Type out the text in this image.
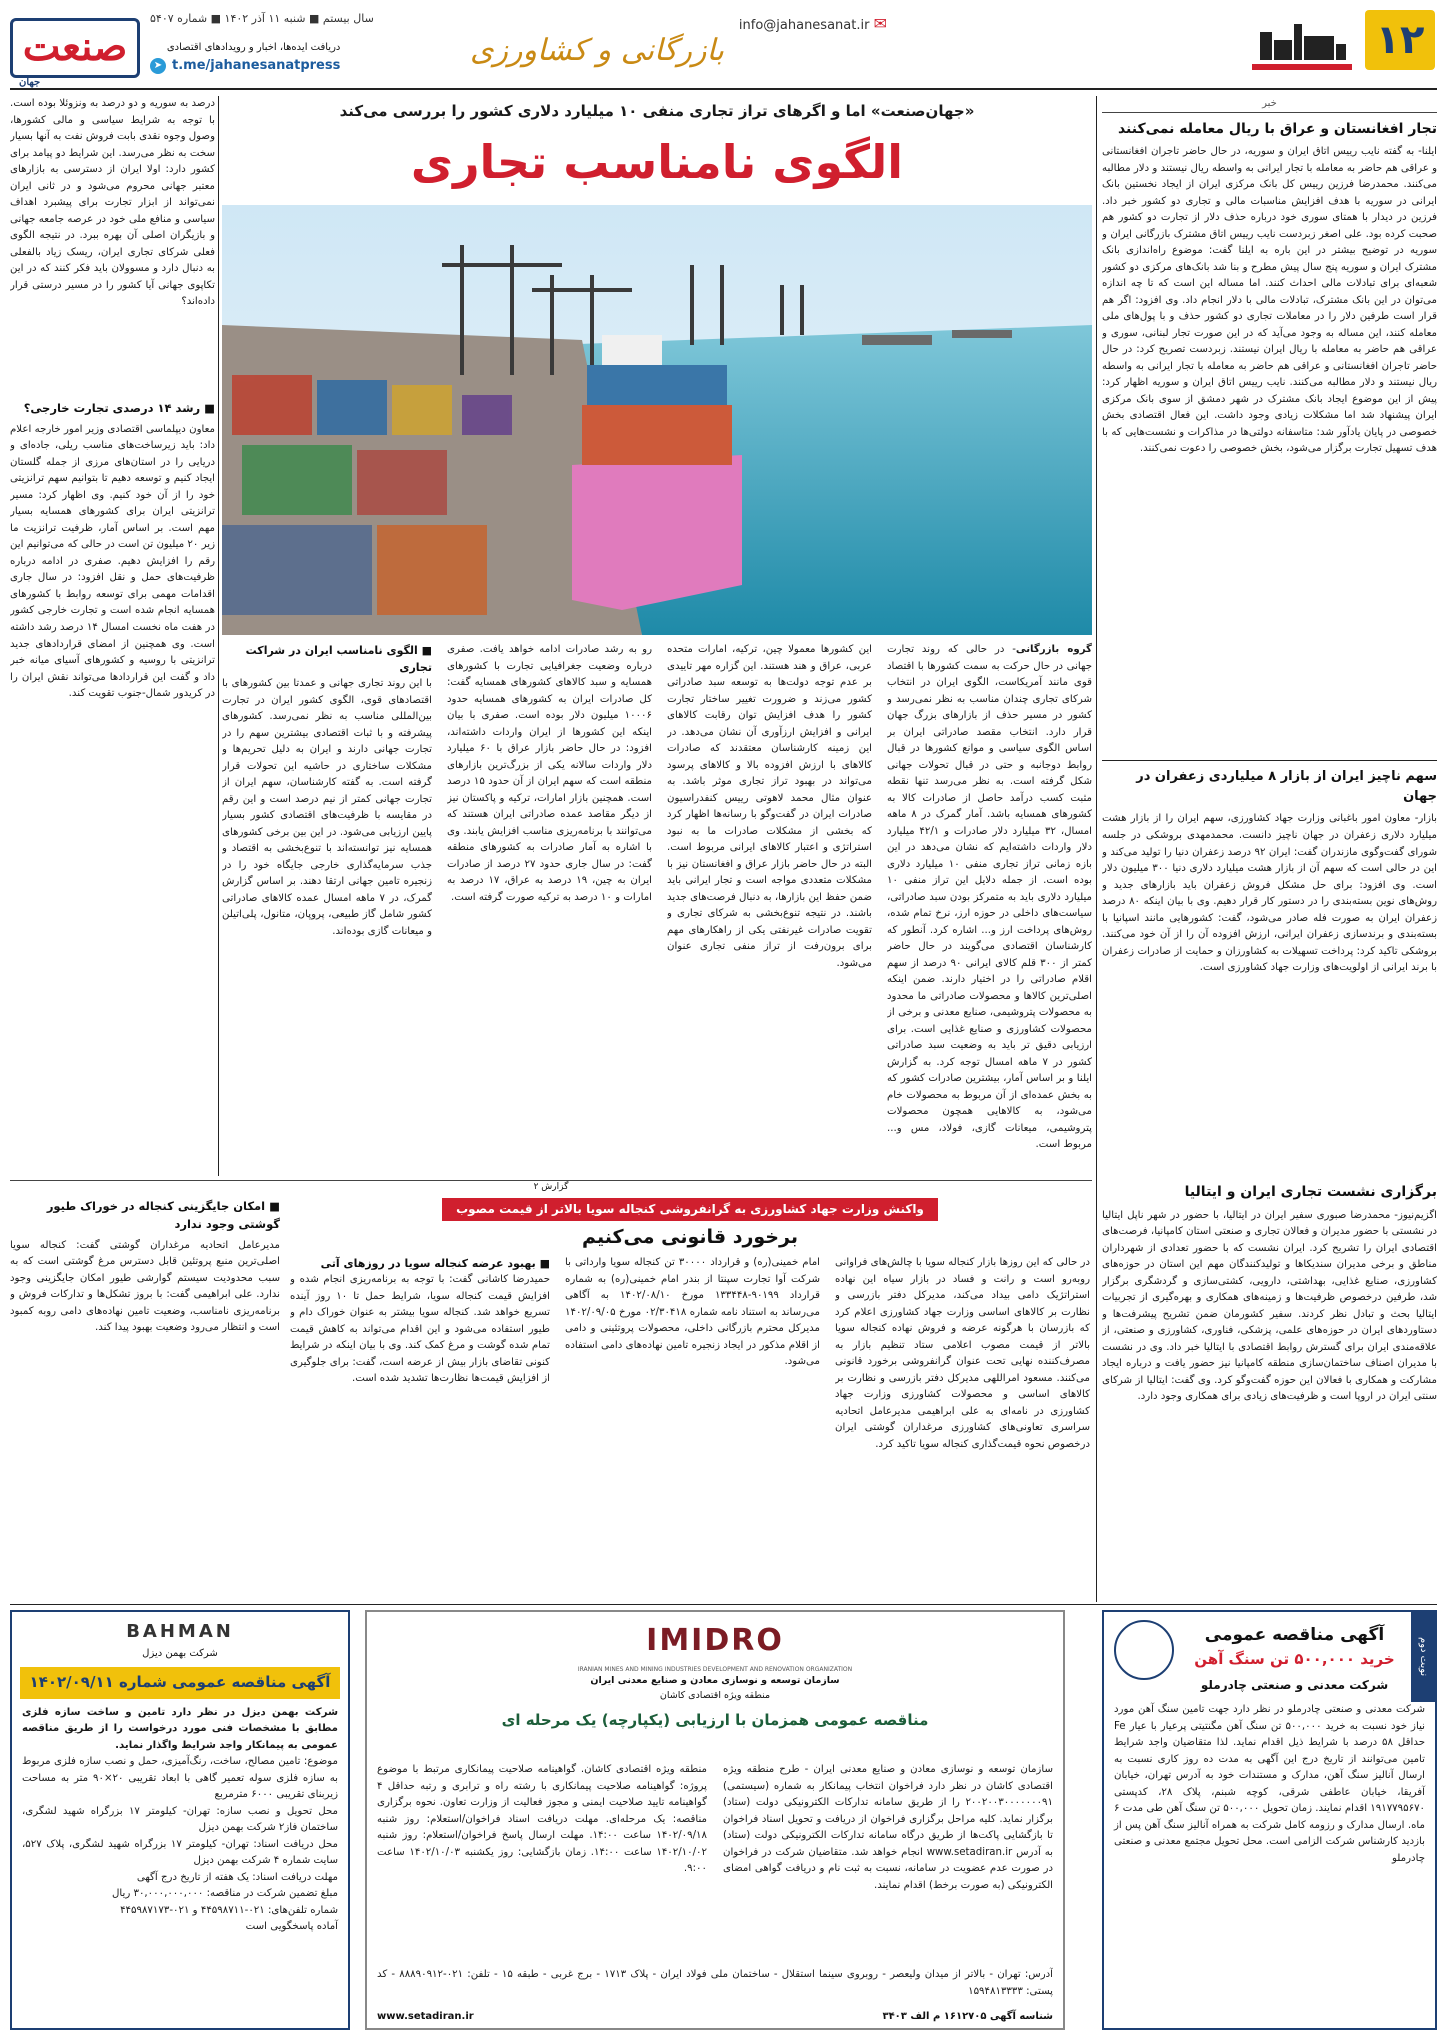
۱۲
info@jahanesanat.ir ✉
بازرگانی و کشاورزی
سال بیستم ■ شنبه ۱۱ آذر ۱۴۰۲ ■ شماره ۵۴۰۷
دریافت ایده‌ها، اخبار و رویدادهای اقتصادی
t.me/jahanesanatpress
➤
صنعت
جهان
«جهان‌صنعت» اما و اگرهای تراز تجاری منفی ۱۰ میلیارد دلاری کشور را بررسی می‌کند
الگوی نامناسب تجاری
خبر
تجار افغانستان و عراق با ریال معامله نمی‌کنند
ایلنا- به گفته نایب رییس اتاق ایران و سوریه، در حال حاضر تاجران افغانستانی و عراقی هم حاضر به معامله با تجار ایرانی به واسطه ریال نیستند و دلار مطالبه می‌کنند. محمدرضا فرزین رییس کل بانک مرکزی ایران از ایجاد نخستین بانک ایرانی در سوریه با هدف افزایش مناسبات مالی و تجاری دو کشور خبر داد. فرزین در دیدار با همتای سوری خود درباره حذف دلار از تجارت دو کشور هم صحبت کرده بود. علی اصغر زبردست نایب رییس اتاق مشترک بازرگانی ایران و سوریه در توضیح بیشتر در این باره به ایلنا گفت: موضوع راه‌اندازی بانک مشترک ایران و سوریه پنج سال پیش مطرح و بنا شد بانک‌های مرکزی دو کشور شعبه‌ای برای تبادلات مالی احداث کنند. اما مساله این است که تا چه اندازه می‌توان در این بانک مشترک، تبادلات مالی با دلار انجام داد. وی افزود: اگر هم قرار است طرفین دلار را در معاملات تجاری دو کشور حذف و با پول‌های ملی معامله کنند، این مساله به وجود می‌آید که در این صورت تجار لبنانی، سوری و عراقی هم حاضر به معامله با ریال ایران نیستند. زبردست تصریح کرد: در حال حاضر تاجران افغانستانی و عراقی هم حاضر به معامله با تجار ایرانی به واسطه ریال نیستند و دلار مطالبه می‌کنند. نایب رییس اتاق ایران و سوریه اظهار کرد: پیش از این موضوع ایجاد بانک مشترک در شهر دمشق از سوی بانک مرکزی ایران پیشنهاد شد اما مشکلات زیادی وجود داشت. این فعال اقتصادی بخش خصوصی در پایان یادآور شد: متاسفانه دولتی‌ها در مذاکرات و نشست‌هایی که با هدف تسهیل تجارت برگزار می‌شود، بخش خصوصی را دعوت نمی‌کنند.
سهم ناچیز ایران از بازار ۸ میلیاردی زعفران در جهان
بازار- معاون امور باغبانی وزارت جهاد کشاورزی، سهم ایران را از بازار هشت میلیارد دلاری زعفران در جهان ناچیز دانست. محمدمهدی بروشکی در جلسه شورای گفت‌وگوی مازندران گفت: ایران ۹۲ درصد زعفران دنیا را تولید می‌کند و این در حالی است که سهم آن از بازار هشت میلیارد دلاری دنیا ۳۰۰ میلیون دلار است. وی افزود: برای حل مشکل فروش زعفران باید بازارهای جدید و روش‌های نوین بسته‌بندی را در دستور کار قرار دهیم. وی با بیان اینکه ۸۰ درصد زعفران ایران به صورت فله صادر می‌شود، گفت: کشورهایی مانند اسپانیا با بسته‌بندی و برندسازی زعفران ایرانی، ارزش افزوده آن را از آن خود می‌کنند. بروشکی تاکید کرد: پرداخت تسهیلات به کشاورزان و حمایت از صادرات زعفران با برند ایرانی از اولویت‌های وزارت جهاد کشاورزی است.
برگزاری نشست تجاری ایران و ایتالیا
اگزیم‌نیوز- محمدرضا صبوری سفیر ایران در ایتالیا، با حضور در شهر ناپل ایتالیا در نشستی با حضور مدیران و فعالان تجاری و صنعتی استان کامپانیا، فرصت‌های اقتصادی ایران را تشریح کرد. ایران نشست که با حضور تعدادی از شهرداران مناطق و برخی مدیران سندیکاها و تولیدکنندگان مهم این استان در حوزه‌های کشاورزی، صنایع غذایی، بهداشتی، دارویی، کشتی‌سازی و گردشگری برگزار شد، طرفین درخصوص ظرفیت‌ها و زمینه‌های همکاری و بهره‌گیری از تجربیات ایتالیا بحث و تبادل نظر کردند. سفیر کشورمان ضمن تشریح پیشرفت‌ها و دستاوردهای ایران در حوزه‌های علمی، پزشکی، فناوری، کشاورزی و صنعتی، از علاقه‌مندی ایران برای گسترش روابط اقتصادی با ایتالیا خبر داد. وی در نشست با مدیران اصناف ساختمان‌سازی منطقه کامپانیا نیز حضور یافت و درباره ایجاد مشارکت و همکاری با فعالان این حوزه گفت‌وگو کرد. وی گفت: ایتالیا از شرکای سنتی ایران در اروپا است و ظرفیت‌های زیادی برای همکاری وجود دارد.
درصد به سوریه و دو درصد به ونزوئلا بوده است. با توجه به شرایط سیاسی و مالی کشورها، وصول وجوه نقدی بابت فروش نفت به آنها بسیار سخت به نظر می‌رسد. این شرایط دو پیامد برای کشور دارد: اولا ایران از دسترسی به بازارهای معتبر جهانی محروم می‌شود و در ثانی ایران نمی‌تواند از ابزار تجارت برای پیشبرد اهداف سیاسی و منافع ملی خود در عرصه جامعه جهانی و بازیگران اصلی آن بهره ببرد. در نتیجه الگوی فعلی شرکای تجاری ایران، ریسک زیاد بالفعلی به دنبال دارد و مسوولان باید فکر کنند که در این تکاپوی جهانی آیا کشور را در مسیر درستی قرار داده‌اند؟
■ رشد ۱۴ درصدی تجارت خارجی؟
معاون دیپلماسی اقتصادی وزیر امور خارجه اعلام داد: باید زیرساخت‌های مناسب ریلی، جاده‌ای و دریایی را در استان‌های مرزی از جمله گلستان ایجاد کنیم و توسعه دهیم تا بتوانیم سهم ترانزیتی خود را از آن خود کنیم. وی اظهار کرد: مسیر ترانزیتی ایران برای کشورهای همسایه بسیار مهم است. بر اساس آمار، ظرفیت ترانزیت ما زیر ۲۰ میلیون تن است در حالی که می‌توانیم این رقم را افزایش دهیم. صفری در ادامه درباره ظرفیت‌های حمل و نقل افزود: در سال جاری اقدامات مهمی برای توسعه روابط با کشورهای همسایه انجام شده است و تجارت خارجی کشور در هفت ماه نخست امسال ۱۴ درصد رشد داشته است. وی همچنین از امضای قراردادهای جدید ترانزیتی با روسیه و کشورهای آسیای میانه خبر داد و گفت این قراردادها می‌تواند نقش ایران را در کریدور شمال-جنوب تقویت کند.
گروه بازرگانی- در حالی که روند تجارت جهانی در حال حرکت به سمت کشورها با اقتصاد قوی مانند آمریکاست، الگوی ایران در انتخاب شرکای تجاری چندان مناسب به نظر نمی‌رسد و کشور در مسیر حذف از بازارهای بزرگ جهان قرار دارد. انتخاب مقصد صادراتی ایران بر اساس الگوی سیاسی و موانع کشورها در قبال روابط دوجانبه و حتی در قبال تحولات جهانی شکل گرفته است. به نظر می‌رسد تنها نقطه مثبت کسب درآمد حاصل از صادرات کالا به کشورهای همسایه باشد. آمار گمرک در ۸ ماهه امسال، ۳۲ میلیارد دلار صادرات و ۴۲/۱ میلیارد دلار واردات داشته‌ایم که نشان می‌دهد در این بازه زمانی تراز تجاری منفی ۱۰ میلیارد دلاری بوده است. از جمله دلایل این تراز منفی ۱۰ میلیارد دلاری باید به متمرکز بودن سبد صادراتی، سیاست‌های داخلی در حوزه ارز، نرخ تمام شده، روش‌های پرداخت ارز و... اشاره کرد. آنطور که کارشناسان اقتصادی می‌گویند در حال حاضر کمتر از ۳۰۰ قلم کالای ایرانی ۹۰ درصد از سهم اقلام صادراتی را در اختیار دارند. ضمن اینکه اصلی‌ترین کالاها و محصولات صادراتی ما محدود به محصولات پتروشیمی، صنایع معدنی و برخی از محصولات کشاورزی و صنایع غذایی است. برای ارزیابی دقیق تر باید به وضعیت سبد صادراتی کشور در ۷ ماهه امسال توجه کرد. به گزارش ایلنا و بر اساس آمار، بیشترین صادرات کشور که به بخش عمده‌ای از آن مربوط به محصولات خام می‌شود، به کالاهایی همچون محصولات پتروشیمی، میعانات گازی، فولاد، مس و... مربوط است.
این کشورها معمولا چین، ترکیه، امارات متحده عربی، عراق و هند هستند. این گزاره مهر تاییدی بر عدم توجه دولت‌ها به توسعه سبد صادراتی کشور می‌زند و ضرورت تغییر ساختار تجارت کشور را هدف افزایش توان رقابت کالاهای ایرانی و افزایش ارزآوری آن نشان می‌دهد. در این زمینه کارشناسان معتقدند که صادرات کالاهای با ارزش افزوده بالا و کالاهای پرسود می‌تواند در بهبود تراز تجاری موثر باشد. به عنوان مثال محمد لاهوتی رییس کنفدراسیون صادرات ایران در گفت‌وگو با رسانه‌ها اظهار کرد که بخشی از مشکلات صادرات ما به نبود استراتژی و اعتبار کالاهای ایرانی مربوط است. البته در حال حاضر بازار عراق و افغانستان نیز با مشکلات متعددی مواجه است و تجار ایرانی باید ضمن حفظ این بازارها، به دنبال فرصت‌های جدید باشند. در نتیجه تنوع‌بخشی به شرکای تجاری و تقویت صادرات غیرنفتی یکی از راهکارهای مهم برای برون‌رفت از تراز منفی تجاری عنوان می‌شود.
رو به رشد صادرات ادامه خواهد یافت. صفری درباره وضعیت جغرافیایی تجارت با کشورهای همسایه و سبد کالاهای کشورهای همسایه گفت: کل صادرات ایران به کشورهای همسایه حدود ۱۰۰۰۶ میلیون دلار بوده است. صفری با بیان اینکه این کشورها از ایران واردات داشته‌اند، افزود: در حال حاضر بازار عراق با ۶۰ میلیارد دلار واردات سالانه یکی از بزرگ‌ترین بازارهای منطقه است که سهم ایران از آن حدود ۱۵ درصد است. همچنین بازار امارات، ترکیه و پاکستان نیز از دیگر مقاصد عمده صادراتی ایران هستند که می‌توانند با برنامه‌ریزی مناسب افزایش یابند. وی با اشاره به آمار صادرات به کشورهای منطقه گفت: در سال جاری حدود ۲۷ درصد از صادرات ایران به چین، ۱۹ درصد به عراق، ۱۷ درصد به امارات و ۱۰ درصد به ترکیه صورت گرفته است.
■ الگوی نامناسب ایران در شراکت تجاری
با این روند تجاری جهانی و عمدتا بین کشورهای با اقتصادهای قوی، الگوی کشور ایران در تجارت بین‌المللی مناسب به نظر نمی‌رسد. کشورهای پیشرفته و با ثبات اقتصادی بیشترین سهم را در تجارت جهانی دارند و ایران به دلیل تحریم‌ها و مشکلات ساختاری در حاشیه این تحولات قرار گرفته است. به گفته کارشناسان، سهم ایران از تجارت جهانی کمتر از نیم درصد است و این رقم در مقایسه با ظرفیت‌های اقتصادی کشور بسیار پایین ارزیابی می‌شود. در این بین برخی کشورهای همسایه نیز توانسته‌اند با تنوع‌بخشی به اقتصاد و جذب سرمایه‌گذاری خارجی جایگاه خود را در زنجیره تامین جهانی ارتقا دهند. بر اساس گزارش گمرک، در ۷ ماهه امسال عمده کالاهای صادراتی کشور شامل گاز طبیعی، پروپان، متانول، پلی‌اتیلن و میعانات گازی بوده‌اند.
گزارش ۲
واکنش وزارت جهاد کشاورزی به گرانفروشی کنجاله سویا بالاتر از قیمت مصوب
برخورد قانونی می‌کنیم
در حالی که این روزها بازار کنجاله سویا با چالش‌های فراوانی روبه‌رو است و رانت و فساد در بازار سیاه این نهاده استراتژیک دامی بیداد می‌کند، مدیرکل دفتر بازرسی و نظارت بر کالاهای اساسی وزارت جهاد کشاورزی اعلام کرد که بازرسان با هرگونه عرضه و فروش نهاده کنجاله سویا بالاتر از قیمت مصوب اعلامی ستاد تنظیم بازار به مصرف‌کننده نهایی تحت عنوان گرانفروشی برخورد قانونی می‌کنند. مسعود امراللهی مدیرکل دفتر بازرسی و نظارت بر کالاهای اساسی و محصولات کشاورزی وزارت جهاد کشاورزی در نامه‌ای به علی ابراهیمی مدیرعامل اتحادیه سراسری تعاونی‌های کشاورزی مرغداران گوشتی ایران درخصوص نحوه قیمت‌گذاری کنجاله سویا تاکید کرد.
امام خمینی(ره) و قرارداد ۳۰۰۰۰ تن کنجاله سویا وارداتی با شرکت آوا تجارت سپنتا از بندر امام خمینی(ره) به شماره قرارداد ۹۰۱۹۹-۱۳۳۴۴۸ مورخ ۱۴۰۲/۰۸/۱۰ به آگاهی می‌رساند به استناد نامه شماره ۰۲/۳۰۴۱۸ مورخ ۱۴۰۲/۰۹/۰۵ مدیرکل محترم بازرگانی داخلی، محصولات پروتئینی و دامی از اقلام مذکور در ایجاد زنجیره تامین نهاده‌های دامی استفاده می‌شود.
■ بهبود عرضه کنجاله سویا در روزهای آتی
حمیدرضا کاشانی گفت: با توجه به برنامه‌ریزی انجام شده و افزایش قیمت کنجاله سویا، شرایط حمل تا ۱۰ روز آینده تسریع خواهد شد. کنجاله سویا بیشتر به عنوان خوراک دام و طیور استفاده می‌شود و این اقدام می‌تواند به کاهش قیمت تمام شده گوشت و مرغ کمک کند. وی با بیان اینکه در شرایط کنونی تقاضای بازار بیش از عرضه است، گفت: برای جلوگیری از افزایش قیمت‌ها نظارت‌ها تشدید شده است.
■ امکان جایگزینی کنجاله در خوراک طیور گوشتی وجود ندارد
مدیرعامل اتحادیه مرغداران گوشتی گفت: کنجاله سویا اصلی‌ترین منبع پروتئین قابل دسترس مرغ گوشتی است که به سبب محدودیت سیستم گوارشی طیور امکان جایگزینی وجود ندارد. علی ابراهیمی گفت: با بروز تشکل‌ها و تدارکات فروش و برنامه‌ریزی نامناسب، وضعیت تامین نهاده‌های دامی روبه کمبود است و انتظار می‌رود وضعیت بهبود پیدا کند.
BAHMAN
شرکت بهمن دیزل
آگهی مناقصه عمومی شماره ۱۴۰۲/۰۹/۱۱
شرکت بهمن دیزل در نظر دارد تامین و ساخت سازه فلزی مطابق با مشخصات فنی مورد درخواست را از طریق مناقصه عمومی به پیمانکار واجد شرایط واگذار نماید.
موضوع: تامین مصالح، ساخت، رنگ‌آمیزی، حمل و نصب سازه فلزی مربوط به سازه فلزی سوله تعمیر گاهی با ابعاد تقریبی ۲۰×۹۰ متر به مساحت زیربنای تقریبی ۶۰۰۰ مترمربع
محل تحویل و نصب سازه: تهران- کیلومتر ۱۷ بزرگراه شهید لشگری، ساختمان فاز۲ شرکت بهمن دیزل
محل دریافت اسناد: تهران- کیلومتر ۱۷ بزرگراه شهید لشگری، پلاک ۵۲۷، سایت شماره ۴ شرکت بهمن دیزل
مهلت دریافت اسناد: یک هفته از تاریخ درج آگهی
مبلغ تضمین شرکت در مناقصه: ۳۰,۰۰۰,۰۰۰,۰۰۰ ریال
شماره تلفن‌های: ۰۲۱-۴۴۵۹۸۷۱۱ و ۰۲۱-۴۴۵۹۸۷۱۷۳
آماده پاسخگویی است
IMIDRO
IRANIAN MINES AND MINING INDUSTRIES DEVELOPMENT AND RENOVATION ORGANIZATION
سازمان توسعه و نوسازی معادن و صنایع معدنی ایران
منطقه ویژه اقتصادی کاشان
مناقصه عمومی همزمان با ارزیابی (یکپارچه) یک مرحله ای
سازمان توسعه و نوسازی معادن و صنایع معدنی ایران - طرح منطقه ویژه اقتصادی کاشان در نظر دارد فراخوان انتخاب پیمانکار به شماره (سیستمی) ۲۰۰۲۰۰۳۰۰۰۰۰۰۰۹۱ را از طریق سامانه تدارکات الکترونیکی دولت (ستاد) برگزار نماید. کلیه مراحل برگزاری فراخوان از دریافت و تحویل اسناد فراخوان تا بازگشایی پاکت‌ها از طریق درگاه سامانه تدارکات الکترونیکی دولت (ستاد) به آدرس www.setadiran.ir انجام خواهد شد. متقاضیان شرکت در فراخوان در صورت عدم عضویت در سامانه، نسبت به ثبت نام و دریافت گواهی امضای الکترونیکی (به صورت برخط) اقدام نمایند.
منطقه ویژه اقتصادی کاشان. گواهینامه صلاحیت پیمانکاری مرتبط با موضوع پروژه: گواهینامه صلاحیت پیمانکاری با رشته راه و ترابری و رتبه حداقل ۴ گواهینامه تایید صلاحیت ایمنی و مجوز فعالیت از وزارت تعاون. نحوه برگزاری مناقصه: یک مرحله‌ای. مهلت دریافت اسناد فراخوان/استعلام: روز شنبه ۱۴۰۲/۰۹/۱۸ ساعت ۱۴:۰۰. مهلت ارسال پاسخ فراخوان/استعلام: روز شنبه ۱۴۰۲/۱۰/۰۲ ساعت ۱۴:۰۰. زمان بازگشایی: روز یکشنبه ۱۴۰۲/۱۰/۰۳ ساعت ۹:۰۰.
آدرس: تهران - بالاتر از میدان ولیعصر - روبروی سینما استقلال - ساختمان ملی فولاد ایران - پلاک ۱۷۱۳ - برج غربی - طبقه ۱۵ - تلفن: ۰۲۱-۸۸۸۹۰۹۱۲ - کد پستی: ۱۵۹۴۸۱۳۳۳۳
شناسه آگهی ۱۶۱۲۷۰۵ م الف ۳۴۰۳
www.setadiran.ir
نوبت دوم
آگهی مناقصه عمومی
خرید ۵۰۰,۰۰۰ تن سنگ آهن
شرکت معدنی و صنعتی چادرملو
شرکت معدنی و صنعتی چادرملو در نظر دارد جهت تامین سنگ آهن مورد نیاز خود نسبت به خرید ۵۰۰,۰۰۰ تن سنگ آهن مگنتیتی پرعیار با عیار Fe حداقل ۵۸ درصد با شرایط ذیل اقدام نماید. لذا متقاضیان واجد شرایط تامین می‌توانند از تاریخ درج این آگهی به مدت ده روز کاری نسبت به ارسال آنالیز سنگ آهن، مدارک و مستندات خود به آدرس تهران، خیابان آفریقا، خیابان عاطفی شرقی، کوچه شبنم، پلاک ۲۸، کدپستی ۱۹۱۷۷۹۵۶۷۰ اقدام نمایند. زمان تحویل ۵۰۰,۰۰۰ تن سنگ آهن طی مدت ۶ ماه. ارسال مدارک و رزومه کامل شرکت به همراه آنالیز سنگ آهن پس از بازدید کارشناس شرکت الزامی است. محل تحویل مجتمع معدنی و صنعتی چادرملو
